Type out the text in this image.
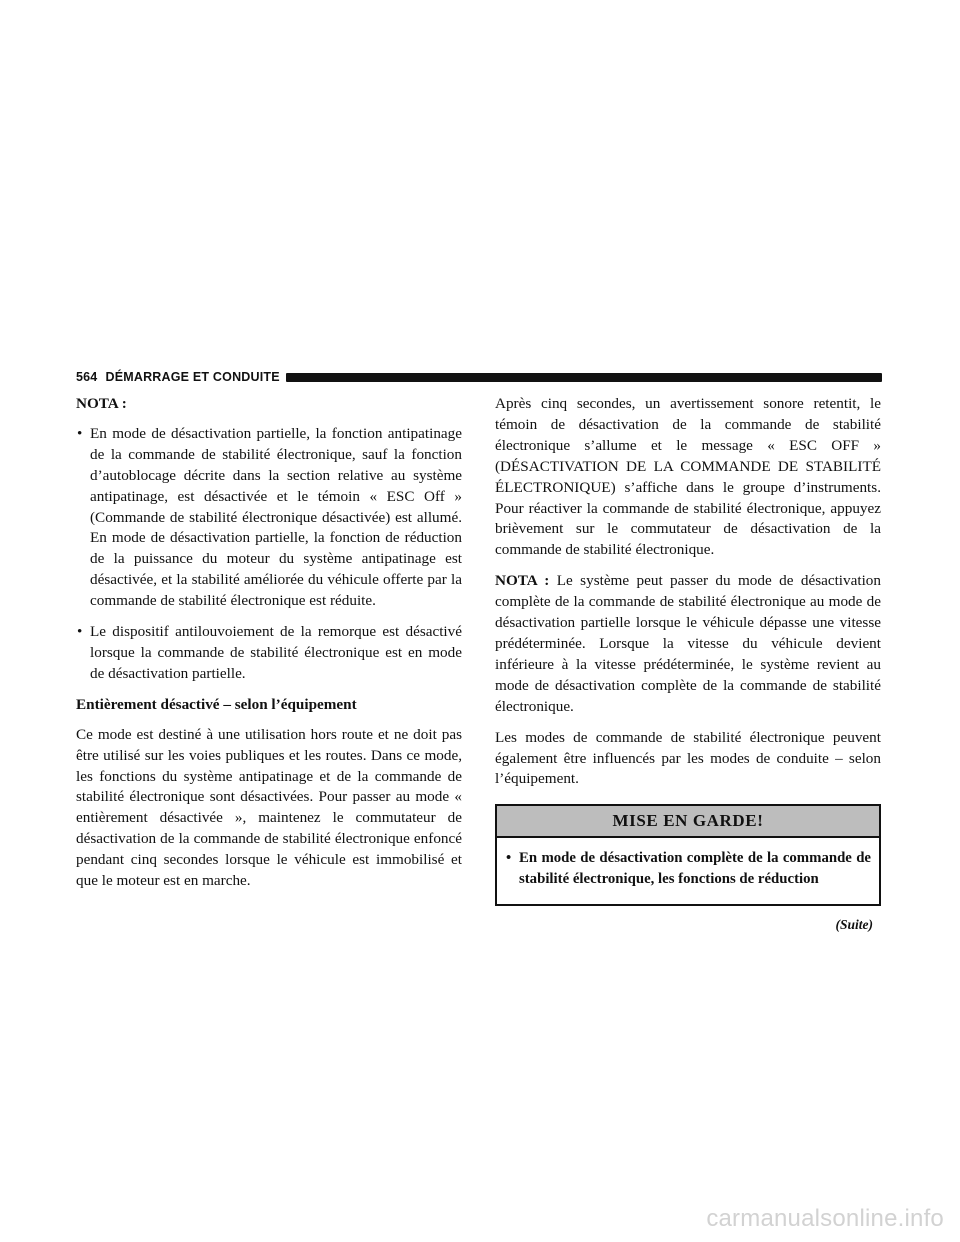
564 DÉMARRAGE ET CONDUITE
NOTA :
• En mode de désactivation partielle, la fonction antipatinage de la commande de stabilité électronique, sauf la fonction d’autoblocage décrite dans la section relative au système antipatinage, est désactivée et le témoin « ESC Off » (Commande de stabilité électronique désactivée) est allumé. En mode de désactivation partielle, la fonction de réduction de la puissance du moteur du système antipatinage est désactivée, et la stabilité améliorée du véhicule offerte par la commande de stabilité électronique est réduite.
• Le dispositif antilouvoiement de la remorque est désactivé lorsque la commande de stabilité électronique est en mode de désactivation partielle.
Entièrement désactivé – selon l’équipement

Ce mode est destiné à une utilisation hors route et ne doit pas être utilisé sur les voies publiques et les routes. Dans ce mode, les fonctions du système antipatinage et de la commande de stabilité électronique sont désactivées. Pour passer au mode « entièrement désactivée », maintenez le commutateur de désactivation de la commande de stabilité électronique enfoncé pendant cinq secondes lorsque le véhicule est immobilisé et que le moteur est en marche.

Après cinq secondes, un avertissement sonore retentit, le témoin de désactivation de la commande de stabilité électronique s’allume et le message « ESC OFF » (DÉSACTIVATION DE LA COMMANDE DE STABILITÉ ÉLECTRONIQUE) s’affiche dans le groupe d’instruments. Pour réactiver la commande de stabilité électronique, appuyez brièvement sur le commutateur de désactivation de la commande de stabilité électronique.

NOTA : Le système peut passer du mode de désactivation complète de la commande de stabilité électronique au mode de désactivation partielle lorsque le véhicule dépasse une vitesse prédéterminée. Lorsque la vitesse du véhicule devient inférieure à la vitesse prédéterminée, le système revient au mode de désactivation complète de la commande de stabilité électronique.

Les modes de commande de stabilité électronique peuvent également être influencés par les modes de conduite – selon l’équipement.

MISE EN GARDE!
• En mode de désactivation complète de la commande de stabilité électronique, les fonctions de réduction
(Suite)
carmanualsonline.info
